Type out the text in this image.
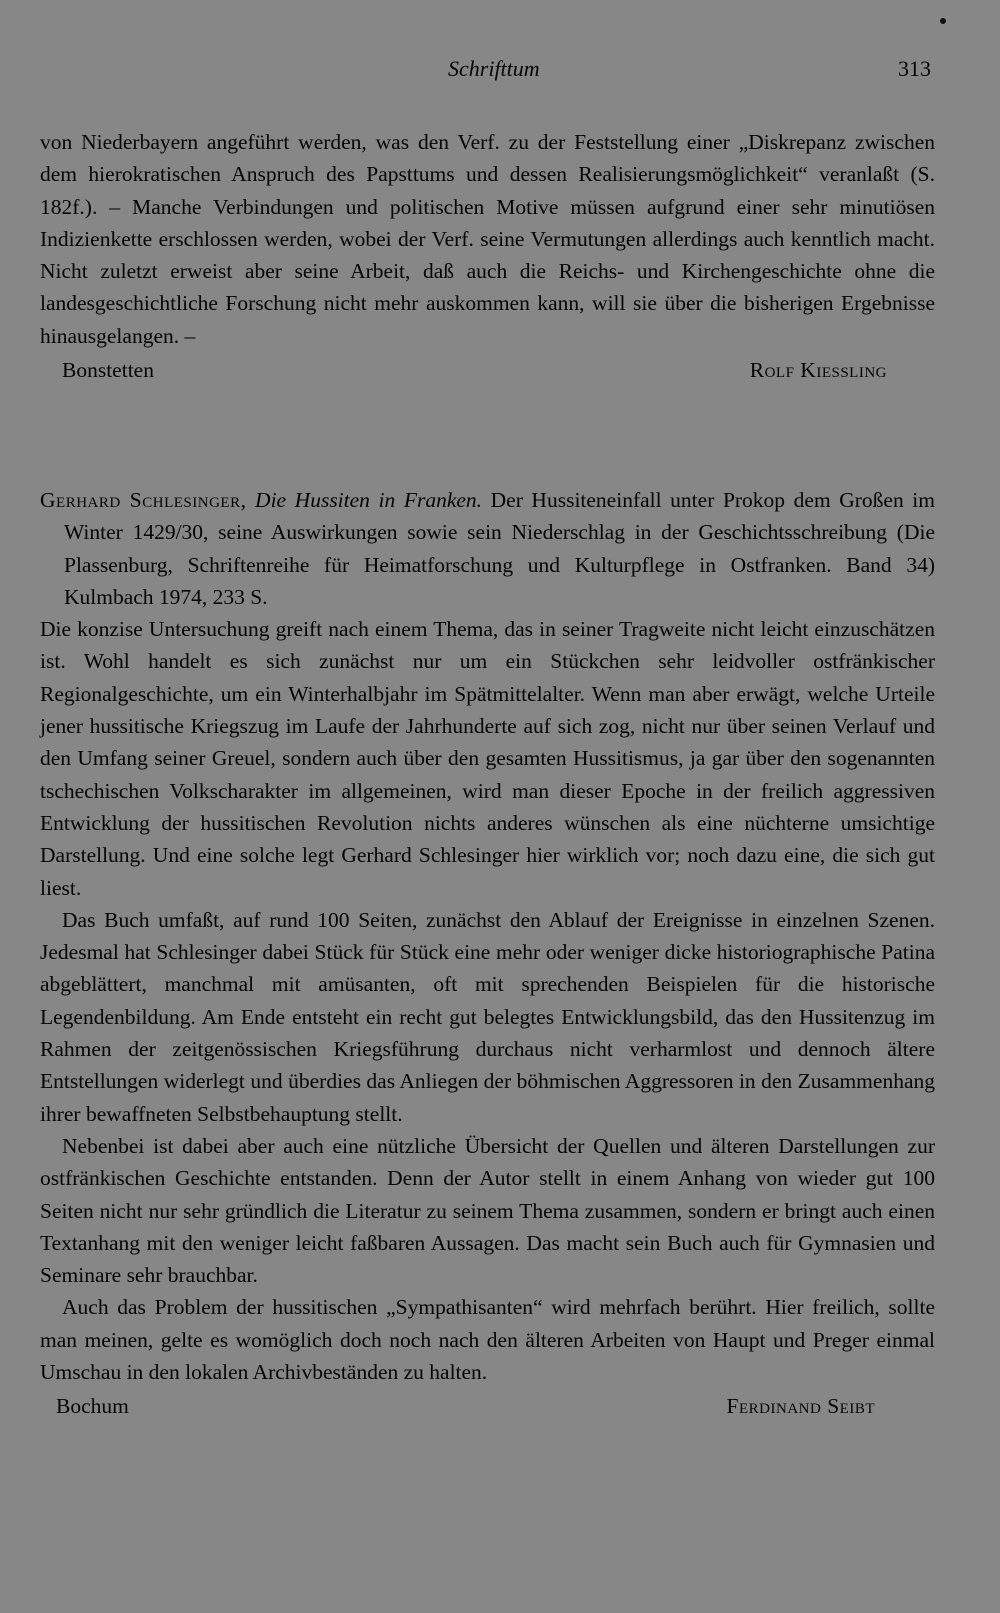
Schrifttum	313

von Niederbayern angeführt werden, was den Verf. zu der Feststellung einer „Diskrepanz zwischen dem hierokratischen Anspruch des Papsttums und dessen Realisierungsmöglichkeit“ veranlaßt (S. 182f.). – Manche Verbindungen und politischen Motive müssen aufgrund einer sehr minutiösen Indizienkette erschlossen werden, wobei der Verf. seine Vermutungen allerdings auch kenntlich macht. Nicht zuletzt erweist aber seine Arbeit, daß auch die Reichs- und Kirchengeschichte ohne die landesgeschichtliche Forschung nicht mehr auskommen kann, will sie über die bisherigen Ergebnisse hinausgelangen. –

Bonstetten	Rolf Kiessling

Gerhard Schlesinger, Die Hussiten in Franken. Der Hussiteneinfall unter Prokop dem Großen im Winter 1429/30, seine Auswirkungen sowie sein Niederschlag in der Geschichtsschreibung (Die Plassenburg, Schriftenreihe für Heimatforschung und Kulturpflege in Ostfranken. Band 34) Kulmbach 1974, 233 S.

Die konzise Untersuchung greift nach einem Thema, das in seiner Tragweite nicht leicht einzuschätzen ist. Wohl handelt es sich zunächst nur um ein Stückchen sehr leidvoller ostfränkischer Regionalgeschichte, um ein Winterhalbjahr im Spätmittelalter. Wenn man aber erwägt, welche Urteile jener hussitische Kriegszug im Laufe der Jahrhunderte auf sich zog, nicht nur über seinen Verlauf und den Umfang seiner Greuel, sondern auch über den gesamten Hussitismus, ja gar über den sogenannten tschechischen Volkscharakter im allgemeinen, wird man dieser Epoche in der freilich aggressiven Entwicklung der hussitischen Revolution nichts anderes wünschen als eine nüchterne umsichtige Darstellung. Und eine solche legt Gerhard Schlesinger hier wirklich vor; noch dazu eine, die sich gut liest.

Das Buch umfaßt, auf rund 100 Seiten, zunächst den Ablauf der Ereignisse in einzelnen Szenen. Jedesmal hat Schlesinger dabei Stück für Stück eine mehr oder weniger dicke historiographische Patina abgeblättert, manchmal mit amüsanten, oft mit sprechenden Beispielen für die historische Legendenbildung. Am Ende entsteht ein recht gut belegtes Entwicklungsbild, das den Hussitenzug im Rahmen der zeitgenössischen Kriegsführung durchaus nicht verharmlost und dennoch ältere Entstellungen widerlegt und überdies das Anliegen der böhmischen Aggressoren in den Zusammenhang ihrer bewaffneten Selbstbehauptung stellt.

Nebenbei ist dabei aber auch eine nützliche Übersicht der Quellen und älteren Darstellungen zur ostfränkischen Geschichte entstanden. Denn der Autor stellt in einem Anhang von wieder gut 100 Seiten nicht nur sehr gründlich die Literatur zu seinem Thema zusammen, sondern er bringt auch einen Textanhang mit den weniger leicht faßbaren Aussagen. Das macht sein Buch auch für Gymnasien und Seminare sehr brauchbar.

Auch das Problem der hussitischen „Sympathisanten“ wird mehrfach berührt. Hier freilich, sollte man meinen, gelte es womöglich doch noch nach den älteren Arbeiten von Haupt und Preger einmal Umschau in den lokalen Archivbeständen zu halten.

Bochum	Ferdinand Seibt
